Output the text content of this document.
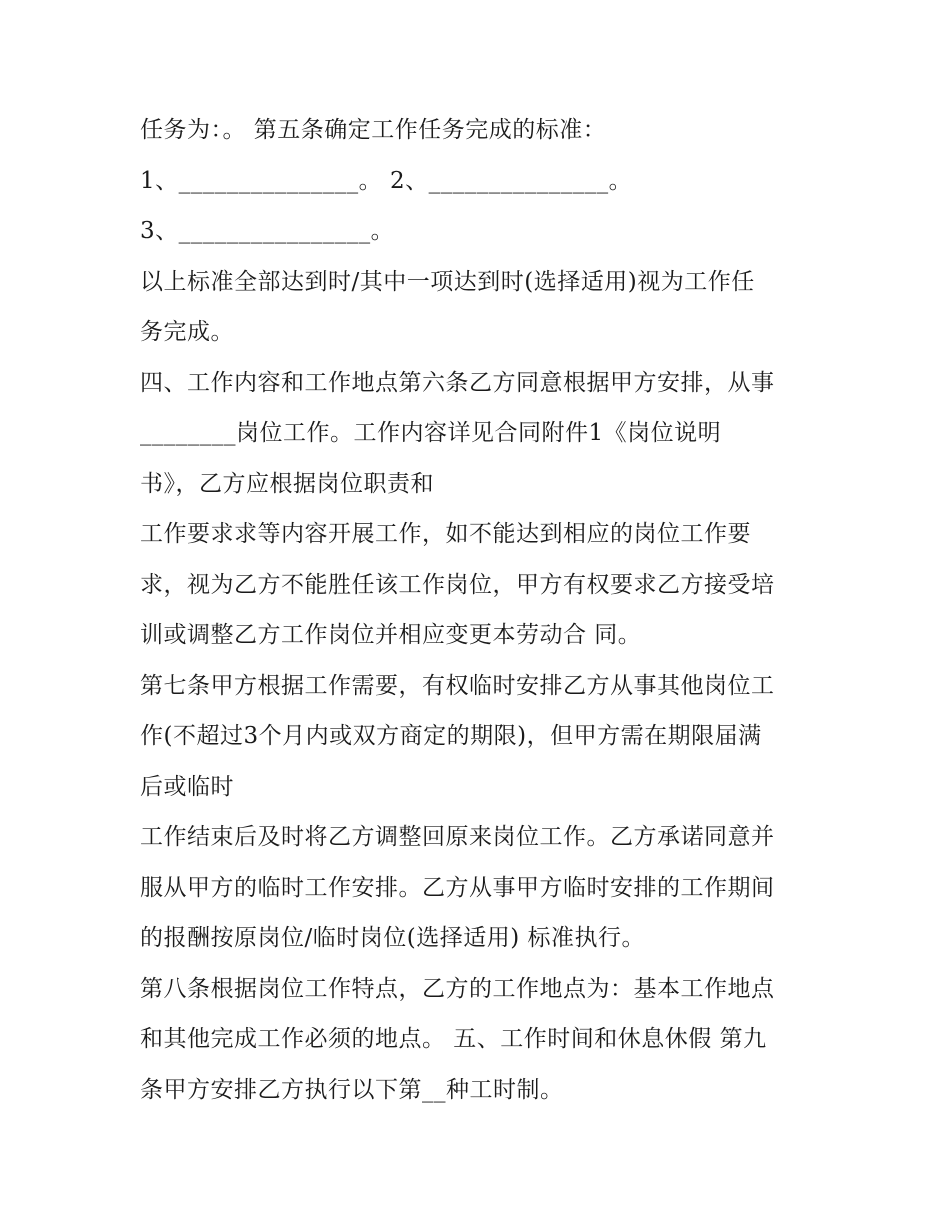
任务为：。 第五条确定工作任务完成的标准：
1、_______________。 2、_______________。
3、________________。
以上标准全部达到时/其中一项达到时(选择适用)视为工作任
务完成。
四、工作内容和工作地点第六条乙方同意根据甲方安排，从事
________岗位工作。工作内容详见合同附件1《岗位说明
书》，乙方应根据岗位职责和
工作要求求等内容开展工作，如不能达到相应的岗位工作要
求，视为乙方不能胜任该工作岗位，甲方有权要求乙方接受培
训或调整乙方工作岗位并相应变更本劳动合 同。
第七条甲方根据工作需要，有权临时安排乙方从事其他岗位工
作(不超过3个月内或双方商定的期限)，但甲方需在期限届满
后或临时
工作结束后及时将乙方调整回原来岗位工作。乙方承诺同意并
服从甲方的临时工作安排。乙方从事甲方临时安排的工作期间
的报酬按原岗位/临时岗位(选择适用) 标准执行。
第八条根据岗位工作特点，乙方的工作地点为：基本工作地点
和其他完成工作必须的地点。 五、工作时间和休息休假 第九
条甲方安排乙方执行以下第__种工时制。
